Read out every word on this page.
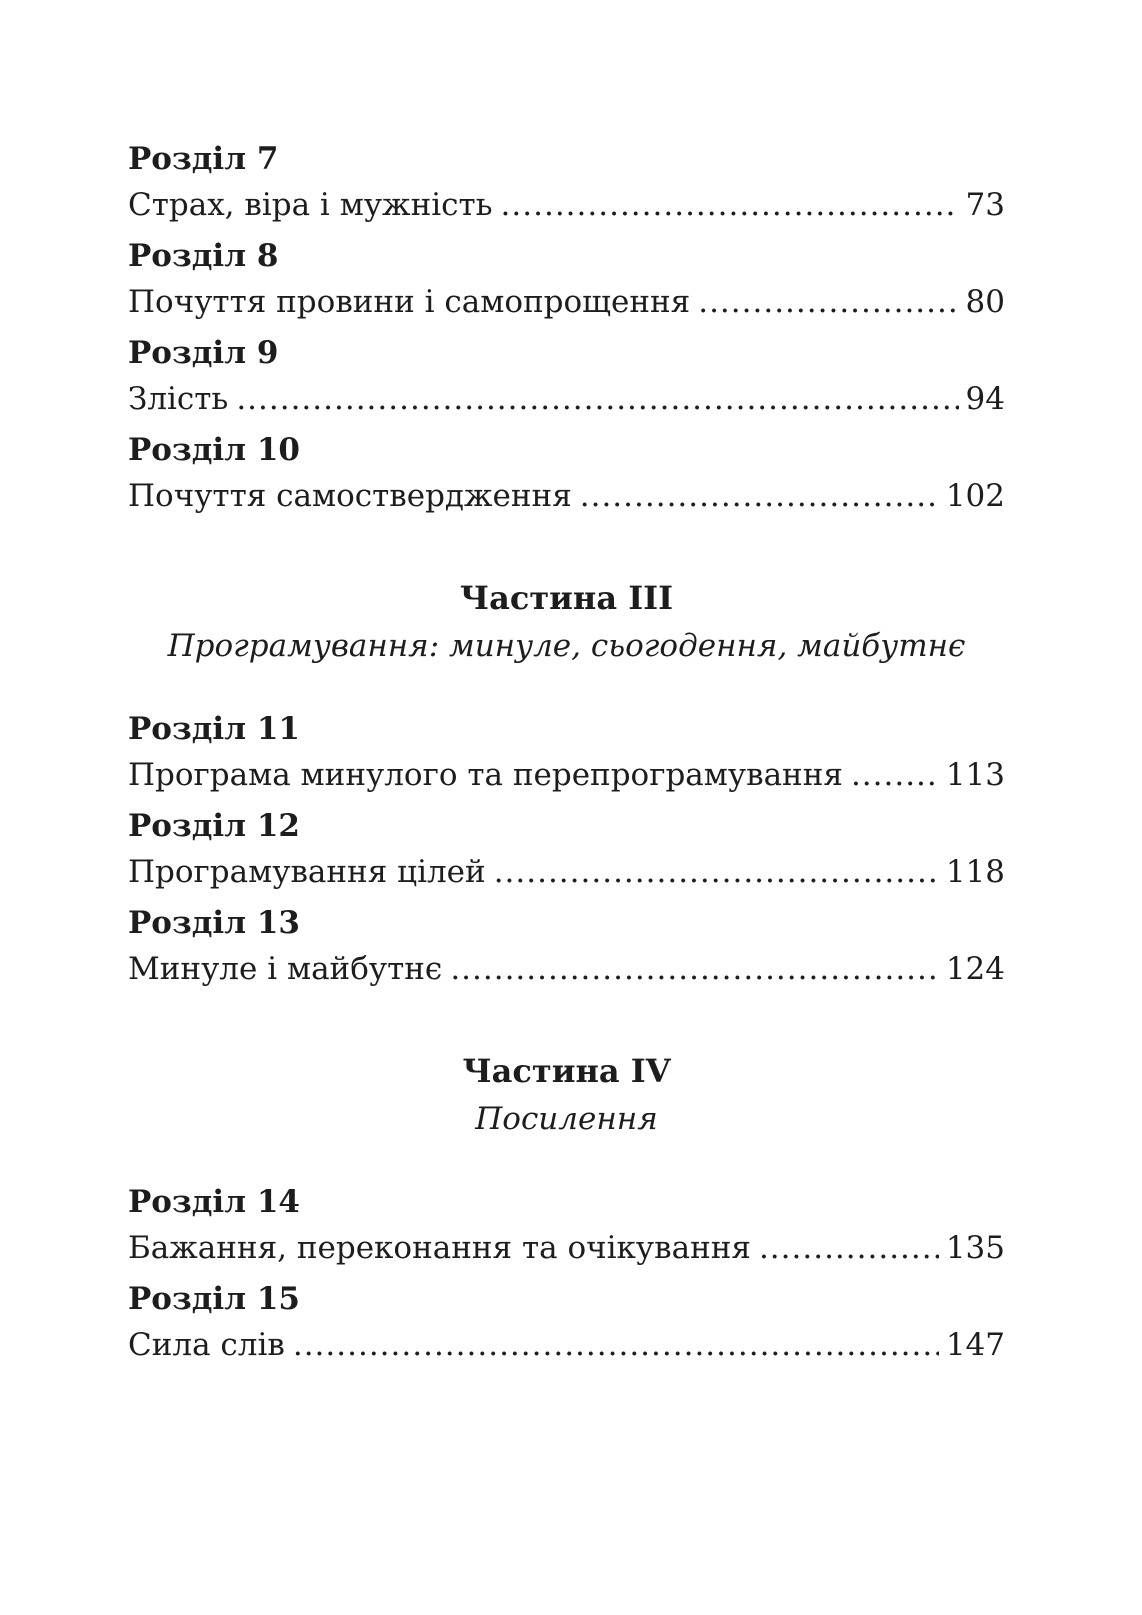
Розділ 7
Страх, віра і мужність .....	73
Розділ 8
Почуття провини і самопрощення .....	80
Розділ 9
Злість .....	94
Розділ 10
Почуття самоствердження .....	102
Частина III
Програмування: минуле, сьогодення, майбутнє
Розділ 11
Програма минулого та перепрограмування .....	113
Розділ 12
Програмування цілей .....	118
Розділ 13
Минуле і майбутнє .....	124
Частина IV
Посилення
Розділ 14
Бажання, переконання та очікування .....	135
Розділ 15
Сила слів .....	147
